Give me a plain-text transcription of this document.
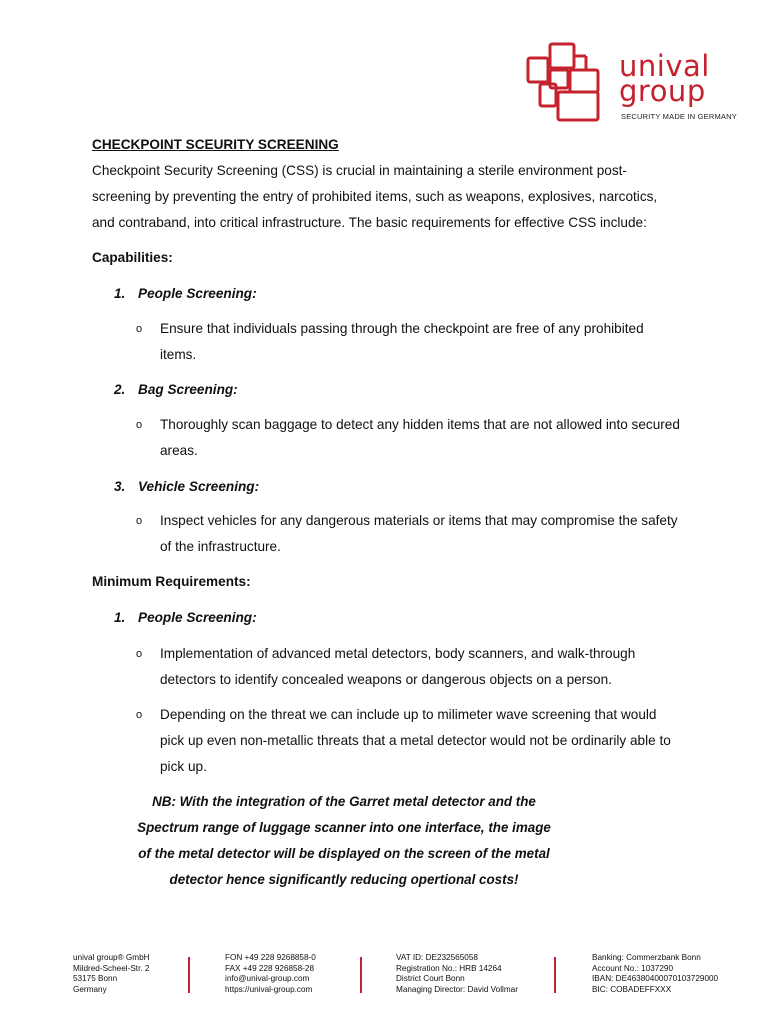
unival
group
SECURITY MADE IN GERMANY
CHECKPOINT SCEURITY SCREENING

Checkpoint Security Screening (CSS) is crucial in maintaining a sterile environment post-screening by preventing the entry of prohibited items, such as weapons, explosives, narcotics, and contraband, into critical infrastructure. The basic requirements for effective CSS include:

Capabilities:
1. People Screening:
o Ensure that individuals passing through the checkpoint are free of any prohibited items.
2. Bag Screening:
o Thoroughly scan baggage to detect any hidden items that are not allowed into secured areas.
3. Vehicle Screening:
o Inspect vehicles for any dangerous materials or items that may compromise the safety of the infrastructure.
Minimum Requirements:
1. People Screening:
o Implementation of advanced metal detectors, body scanners, and walk-through detectors to identify concealed weapons or dangerous objects on a person.
o Depending on the threat we can include up to milimeter wave screening that would pick up even non-metallic threats that a metal detector would not be ordinarily able to pick up.
NB: With the integration of the Garret metal detector and the Spectrum range of luggage scanner into one interface, the image of the metal detector will be displayed on the screen of the metal detector hence significantly reducing opertional costs!
unival group® GmbH
Mildred-Scheel-Str. 2
53175 Bonn
Germany
FON +49 228 9268858-0
FAX +49 228 926858-28
info@unival-group.com
https://unival-group.com
VAT ID: DE232565058
Registration No.: HRB 14264
District Court Bonn
Managing Director: David Vollmar
Banking: Commerzbank Bonn
Account No.: 1037290
IBAN: DE46380400070103729000
BIC: COBADEFFXXX
